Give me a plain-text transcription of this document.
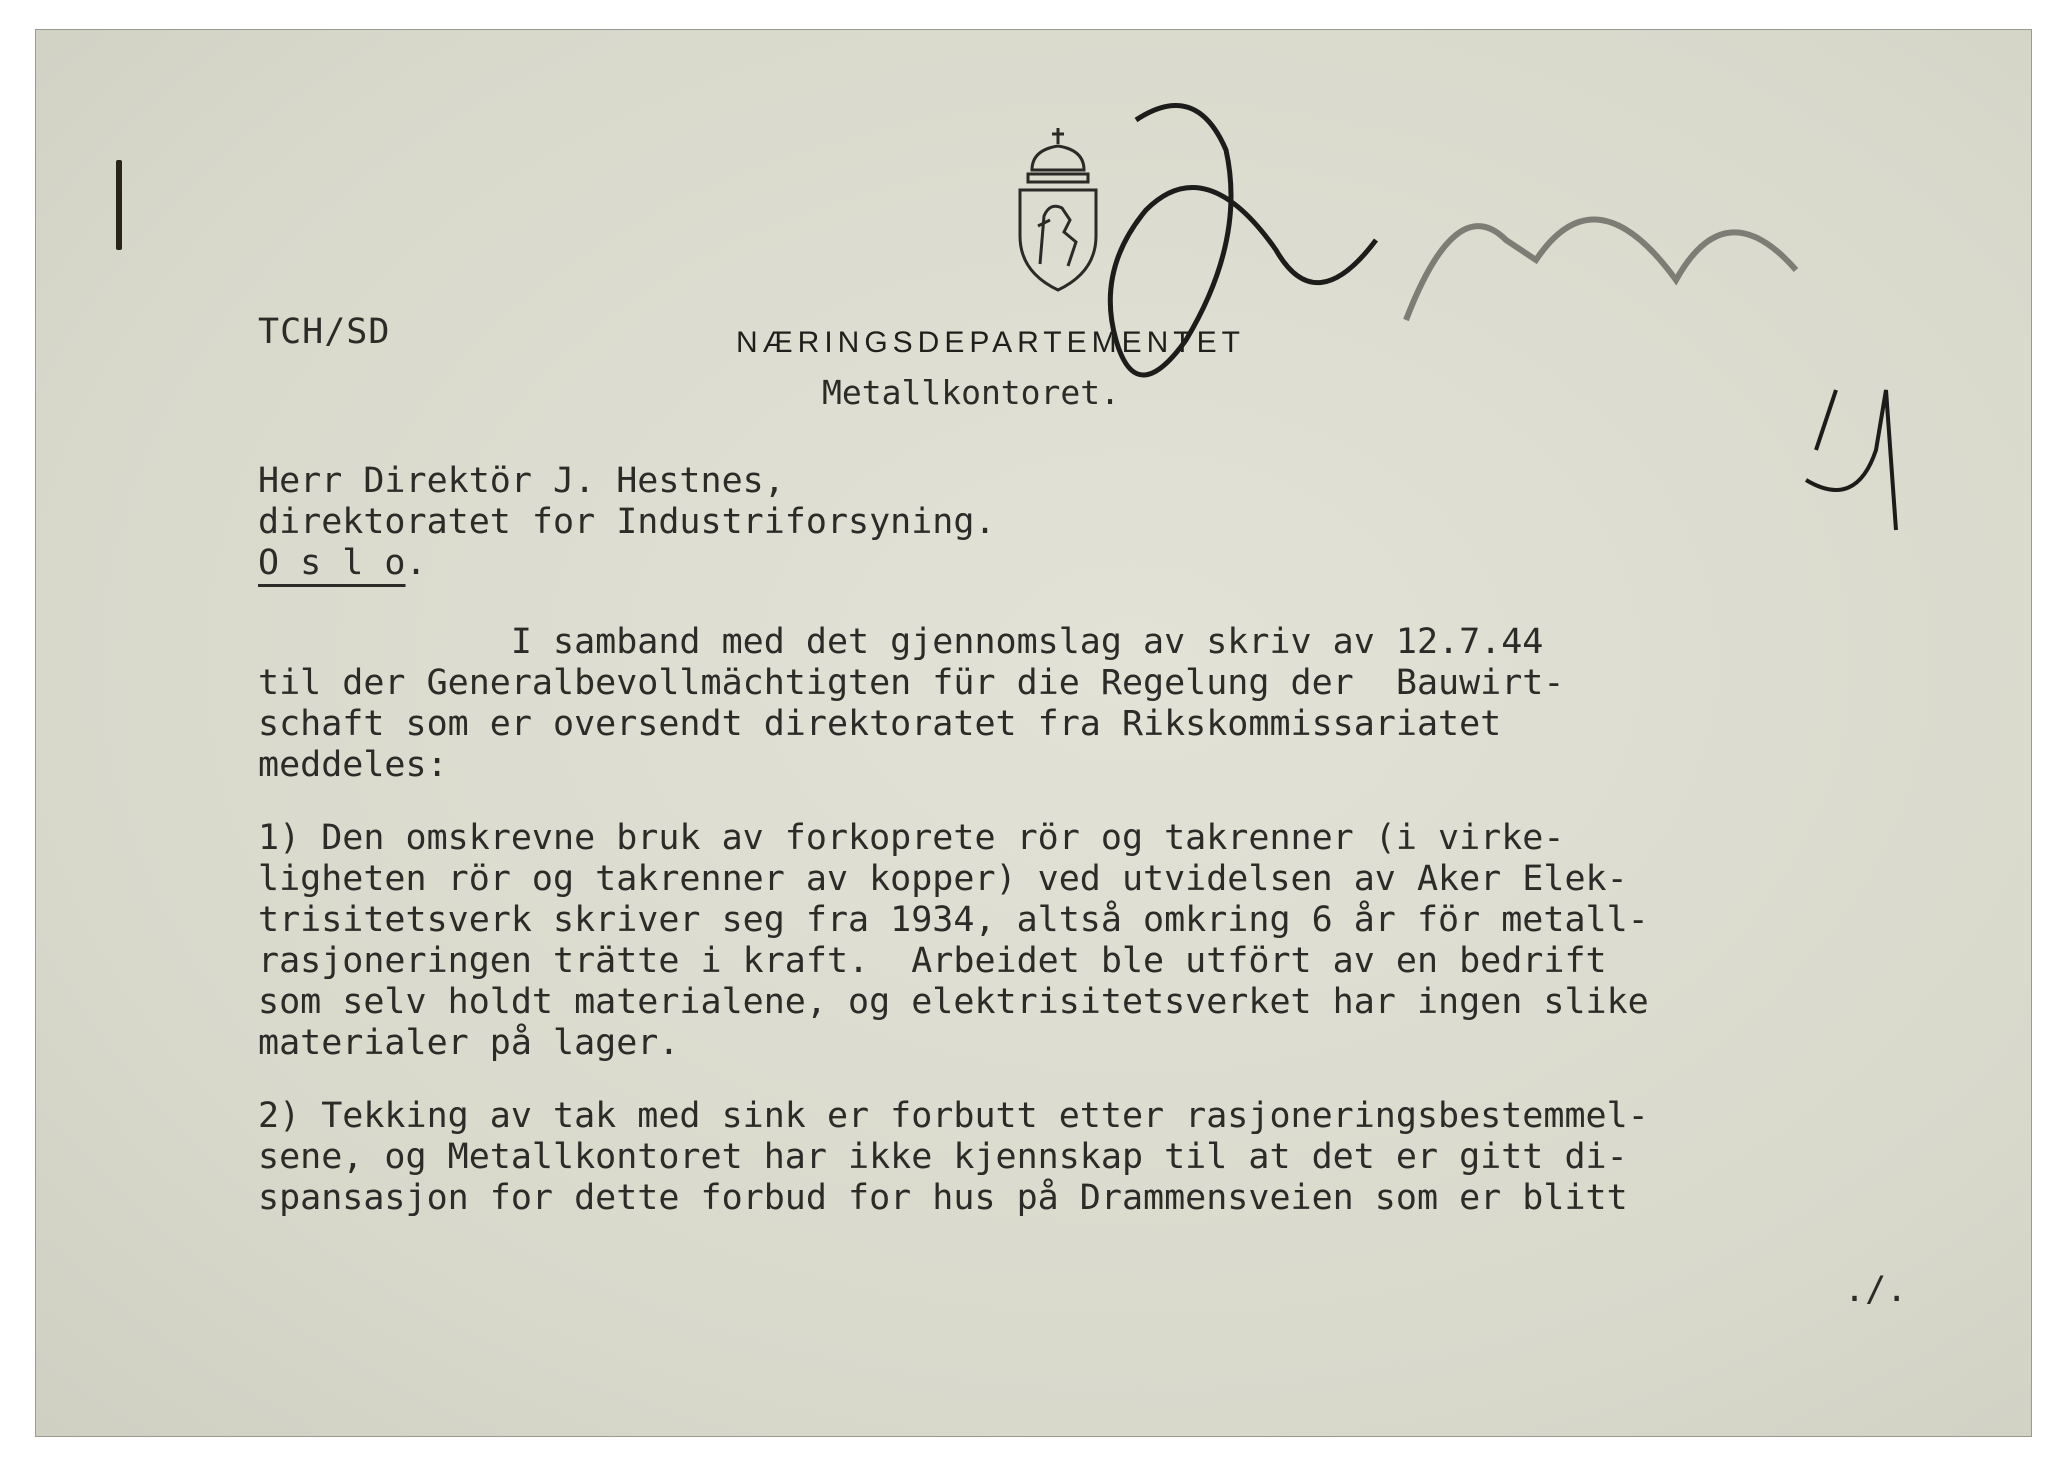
TCH/SD	NÆRINGSDEPARTEMENTET
Metallkontoret.
Herr Direktör J. Hestnes,
direktoratet for Industriforsyning.
O s l o.
I samband med det gjennomslag av skriv av 12.7.44
til der Generalbevollmächtigten für die Regelung der  Bauwirt-
schaft som er oversendt direktoratet fra Rikskommissariatet
meddeles:
1) Den omskrevne bruk av forkoprete rör og takrenner (i virke-
ligheten rör og takrenner av kopper) ved utvidelsen av Aker Elek-
trisitetsverk skriver seg fra 1934, altså omkring 6 år för metall-
rasjoneringen trätte i kraft.  Arbeidet ble utfört av en bedrift
som selv holdt materialene, og elektrisitetsverket har ingen slike
materialer på lager.
2) Tekking av tak med sink er forbutt etter rasjoneringsbestemmel-
sene, og Metallkontoret har ikke kjennskap til at det er gitt di-
spansasjon for dette forbud for hus på Drammensveien som er blitt
./.
